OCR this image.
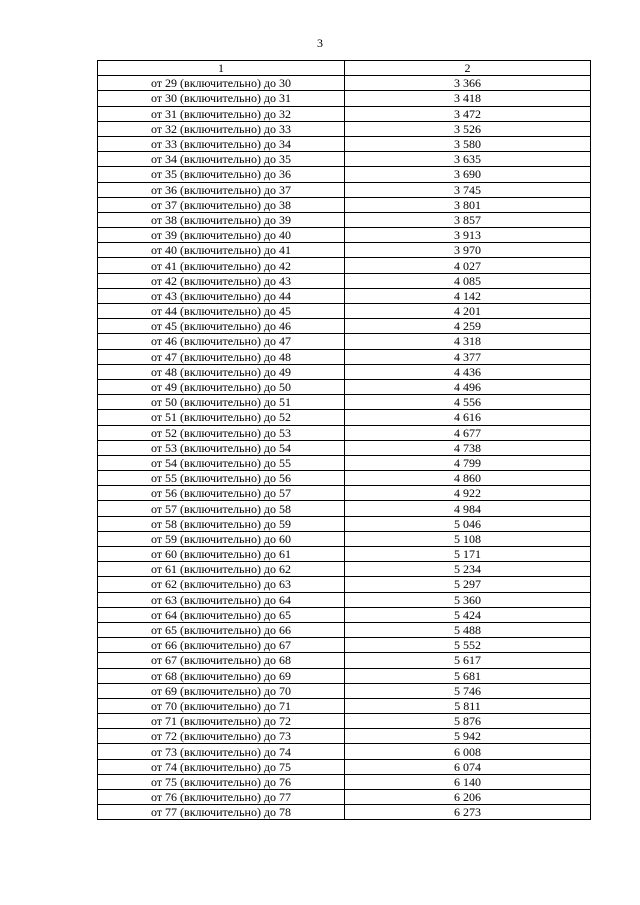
3
1	2
от 29 (включительно) до 30	3 366
от 30 (включительно) до 31	3 418
от 31 (включительно) до 32	3 472
от 32 (включительно) до 33	3 526
от 33 (включительно) до 34	3 580
от 34 (включительно) до 35	3 635
от 35 (включительно) до 36	3 690
от 36 (включительно) до 37	3 745
от 37 (включительно) до 38	3 801
от 38 (включительно) до 39	3 857
от 39 (включительно) до 40	3 913
от 40 (включительно) до 41	3 970
от 41 (включительно) до 42	4 027
от 42 (включительно) до 43	4 085
от 43 (включительно) до 44	4 142
от 44 (включительно) до 45	4 201
от 45 (включительно) до 46	4 259
от 46 (включительно) до 47	4 318
от 47 (включительно) до 48	4 377
от 48 (включительно) до 49	4 436
от 49 (включительно) до 50	4 496
от 50 (включительно) до 51	4 556
от 51 (включительно) до 52	4 616
от 52 (включительно) до 53	4 677
от 53 (включительно) до 54	4 738
от 54 (включительно) до 55	4 799
от 55 (включительно) до 56	4 860
от 56 (включительно) до 57	4 922
от 57 (включительно) до 58	4 984
от 58 (включительно) до 59	5 046
от 59 (включительно) до 60	5 108
от 60 (включительно) до 61	5 171
от 61 (включительно) до 62	5 234
от 62 (включительно) до 63	5 297
от 63 (включительно) до 64	5 360
от 64 (включительно) до 65	5 424
от 65 (включительно) до 66	5 488
от 66 (включительно) до 67	5 552
от 67 (включительно) до 68	5 617
от 68 (включительно) до 69	5 681
от 69 (включительно) до 70	5 746
от 70 (включительно) до 71	5 811
от 71 (включительно) до 72	5 876
от 72 (включительно) до 73	5 942
от 73 (включительно) до 74	6 008
от 74 (включительно) до 75	6 074
от 75 (включительно) до 76	6 140
от 76 (включительно) до 77	6 206
от 77 (включительно) до 78	6 273
